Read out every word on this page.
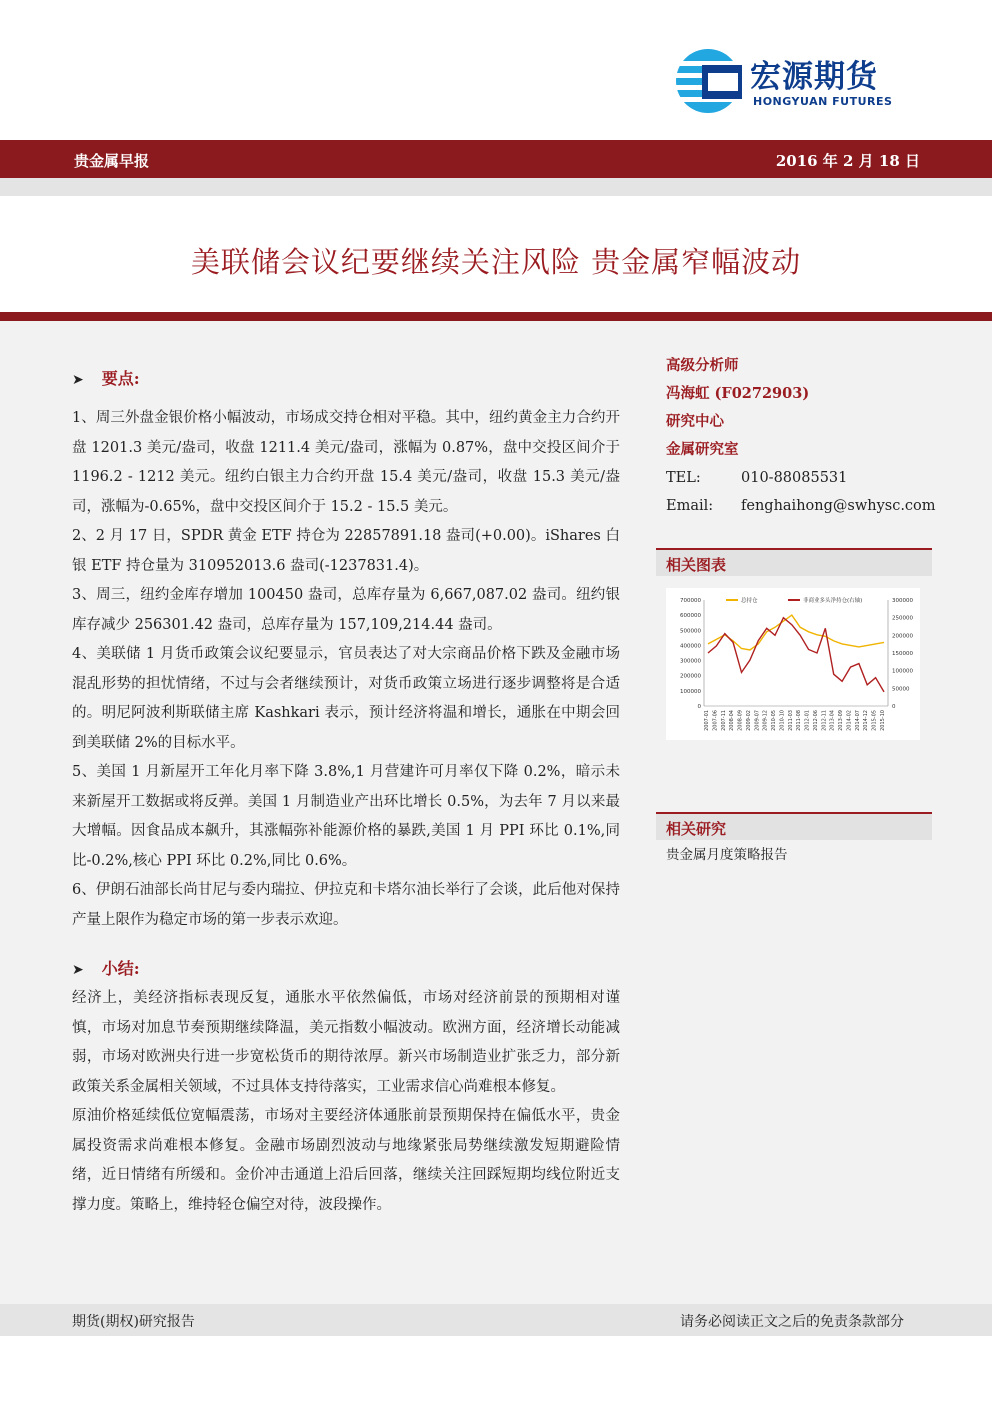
宏源期货
HONGYUAN FUTURES
贵金属早报	2016 年 2 月 18 日
美联储会议纪要继续关注风险 贵金属窄幅波动
➤ 要点:

1、周三外盘金银价格小幅波动，市场成交持仓相对平稳。其中，纽约黄金主力合约开盘 1201.3 美元/盎司，收盘 1211.4 美元/盎司，涨幅为 0.87%，盘中交投区间介于 1196.2 - 1212 美元。纽约白银主力合约开盘 15.4 美元/盎司，收盘 15.3 美元/盎司，涨幅为-0.65%，盘中交投区间介于 15.2 - 15.5 美元。

2、2 月 17 日，SPDR 黄金 ETF 持仓为 22857891.18 盎司(+0.00)。iShares 白银 ETF 持仓量为 310952013.6 盎司(-1237831.4)。

3、周三，纽约金库存增加 100450 盎司，总库存量为 6,667,087.02 盎司。纽约银库存减少 256301.42 盎司，总库存量为 157,109,214.44 盎司。

4、美联储 1 月货币政策会议纪要显示，官员表达了对大宗商品价格下跌及金融市场混乱形势的担忧情绪，不过与会者继续预计，对货币政策立场进行逐步调整将是合适的。明尼阿波利斯联储主席 Kashkari 表示，预计经济将温和增长，通胀在中期会回到美联储 2%的目标水平。

5、美国 1 月新屋开工年化月率下降 3.8%,1 月营建许可月率仅下降 0.2%，暗示未来新屋开工数据或将反弹。美国 1 月制造业产出环比增长 0.5%，为去年 7 月以来最大增幅。因食品成本飙升，其涨幅弥补能源价格的暴跌,美国 1 月 PPI 环比 0.1%,同比-0.2%,核心 PPI 环比 0.2%,同比 0.6%。

6、伊朗石油部长尚甘尼与委内瑞拉、伊拉克和卡塔尔油长举行了会谈，此后他对保持产量上限作为稳定市场的第一步表示欢迎。

➤ 小结:

经济上，美经济指标表现反复，通胀水平依然偏低，市场对经济前景的预期相对谨慎，市场对加息节奏预期继续降温，美元指数小幅波动。欧洲方面，经济增长动能减弱，市场对欧洲央行进一步宽松货币的期待浓厚。新兴市场制造业扩张乏力，部分新政策关系金属相关领域，不过具体支持待落实，工业需求信心尚难根本修复。

原油价格延续低位宽幅震荡，市场对主要经济体通胀前景预期保持在偏低水平，贵金属投资需求尚难根本修复。金融市场剧烈波动与地缘紧张局势继续激发短期避险情绪，近日情绪有所缓和。金价冲击通道上沿后回落，继续关注回踩短期均线位附近支撑力度。策略上，维持轻仓偏空对待，波段操作。

高级分析师
冯海虹 (F0272903)
研究中心
金属研究室
TEL:	010-88085531
Email: fenghaihong@swhysc.com
相关图表
700000
600000
500000
400000
300000
200000
100000
0
300000
250000
200000
150000
100000
50000
0
2007-01 2007-06 2007-11 2008-04 2008-09 2009-02 2009-07 2009-12 2010-05 2010-10 2011-03 2011-08 2012-01 2012-06 2012-11 2013-04 2013-09 2014-02 2014-07 2014-12 2015-05 2015-10
总持仓	非商业多头净持仓(右轴)
相关研究
贵金属月度策略报告
期货(期权)研究报告	请务必阅读正文之后的免责条款部分
